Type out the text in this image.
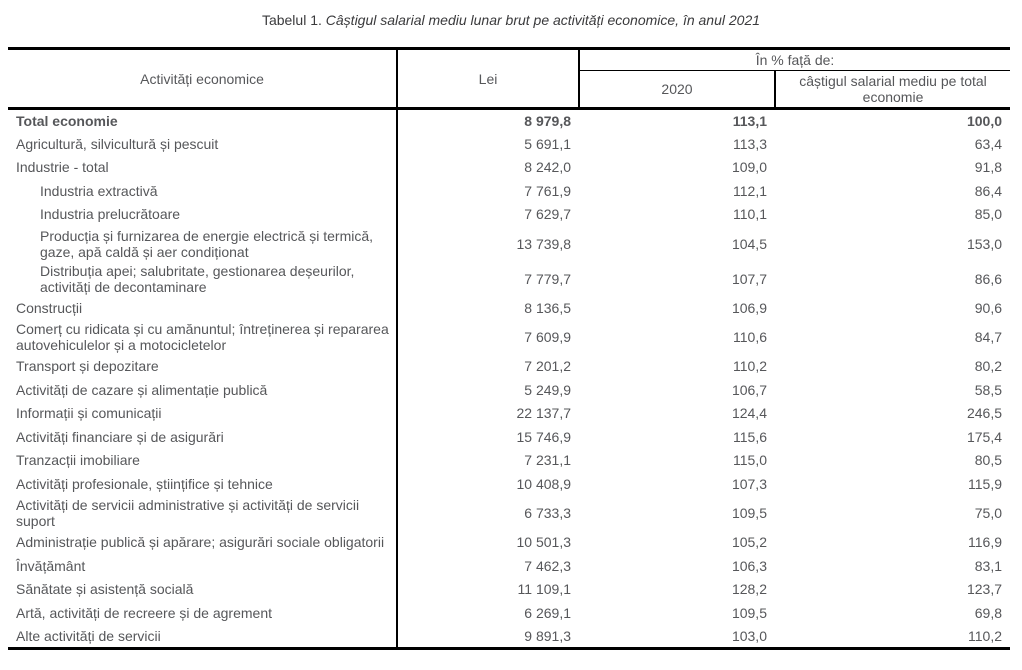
Tabelul 1. Câștigul salarial mediu lunar brut pe activități economice, în anul 2021
Activități economice	Lei	În % față de:	
		2020	câștigul salarial mediu pe total economie
Total economie	8 979,8	113,1	100,0
Agricultură, silvicultură și pescuit	5 691,1	113,3	63,4
Industrie - total	8 242,0	109,0	91,8
Industria extractivă	7 761,9	112,1	86,4
Industria prelucrătoare	7 629,7	110,1	85,0
Producția și furnizarea de energie electrică și termică, gaze, apă caldă și aer condiționat	13 739,8	104,5	153,0
Distribuția apei; salubritate, gestionarea deșeurilor, activități de decontaminare	7 779,7	107,7	86,6
Construcții	8 136,5	106,9	90,6
Comerț cu ridicata și cu amănuntul; întreținerea și repararea autovehiculelor și a motocicletelor	7 609,9	110,6	84,7
Transport și depozitare	7 201,2	110,2	80,2
Activități de cazare și alimentație publică	5 249,9	106,7	58,5
Informații și comunicații	22 137,7	124,4	246,5
Activități financiare și de asigurări	15 746,9	115,6	175,4
Tranzacții imobiliare	7 231,1	115,0	80,5
Activități profesionale, științifice și tehnice	10 408,9	107,3	115,9
Activități de servicii administrative și activități de servicii suport	6 733,3	109,5	75,0
Administrație publică și apărare; asigurări sociale obligatorii	10 501,3	105,2	116,9
Învățământ	7 462,3	106,3	83,1
Sănătate și asistență socială	11 109,1	128,2	123,7
Artă, activități de recreere și de agrement	6 269,1	109,5	69,8
Alte activități de servicii	9 891,3	103,0	110,2
